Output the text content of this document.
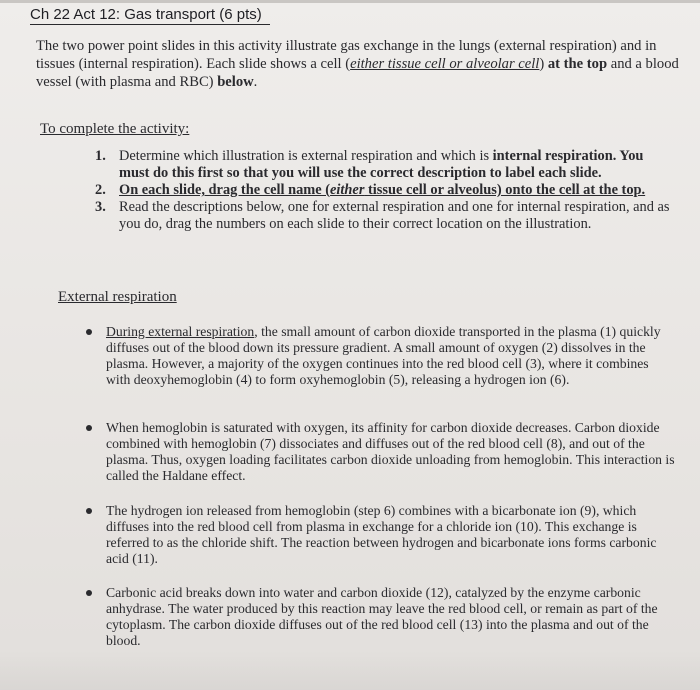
Ch 22 Act 12: Gas transport (6 pts)

The two power point slides in this activity illustrate gas exchange in the lungs (external respiration) and in tissues (internal respiration). Each slide shows a cell (either tissue cell or alveolar cell) at the top and a blood vessel (with plasma and RBC) below.

To complete the activity:
1. Determine which illustration is external respiration and which is internal respiration. You must do this first so that you will use the correct description to label each slide.
2. On each slide, drag the cell name (either tissue cell or alveolus) onto the cell at the top.
3. Read the descriptions below, one for external respiration and one for internal respiration, and as you do, drag the numbers on each slide to their correct location on the illustration.
External respiration
During external respiration, the small amount of carbon dioxide transported in the plasma (1) quickly diffuses out of the blood down its pressure gradient. A small amount of oxygen (2) dissolves in the plasma. However, a majority of the oxygen continues into the red blood cell (3), where it combines with deoxyhemoglobin (4) to form oxyhemoglobin (5), releasing a hydrogen ion (6).
When hemoglobin is saturated with oxygen, its affinity for carbon dioxide decreases. Carbon dioxide combined with hemoglobin (7) dissociates and diffuses out of the red blood cell (8), and out of the plasma. Thus, oxygen loading facilitates carbon dioxide unloading from hemoglobin. This interaction is called the Haldane effect.
The hydrogen ion released from hemoglobin (step 6) combines with a bicarbonate ion (9), which diffuses into the red blood cell from plasma in exchange for a chloride ion (10). This exchange is referred to as the chloride shift. The reaction between hydrogen and bicarbonate ions forms carbonic acid (11).
Carbonic acid breaks down into water and carbon dioxide (12), catalyzed by the enzyme carbonic anhydrase. The water produced by this reaction may leave the red blood cell, or remain as part of the cytoplasm. The carbon dioxide diffuses out of the red blood cell (13) into the plasma and out of the blood.
